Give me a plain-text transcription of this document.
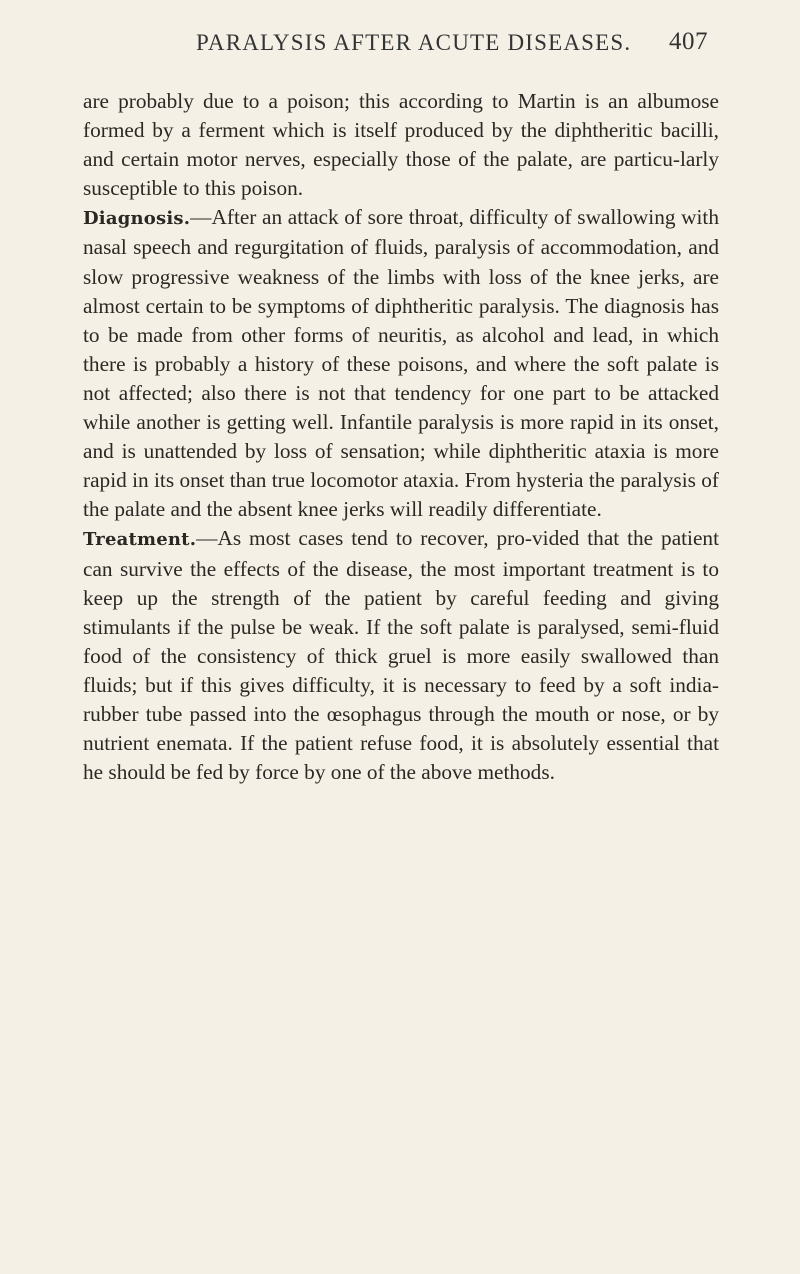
PARALYSIS AFTER ACUTE DISEASES. 407

are probably due to a poison; this according to Martin is an albumose formed by a ferment which is itself produced by the diphtheritic bacilli, and certain motor nerves, especially those of the palate, are particu-larly susceptible to this poison.

Diagnosis.—After an attack of sore throat, difficulty of swallowing with nasal speech and regurgitation of fluids, paralysis of accommodation, and slow progressive weakness of the limbs with loss of the knee jerks, are almost certain to be symptoms of diphtheritic paralysis. The diagnosis has to be made from other forms of neuritis, as alcohol and lead, in which there is probably a history of these poisons, and where the soft palate is not affected; also there is not that tendency for one part to be attacked while another is getting well. Infantile paralysis is more rapid in its onset, and is unattended by loss of sensation; while diphtheritic ataxia is more rapid in its onset than true locomotor ataxia. From hysteria the paralysis of the palate and the absent knee jerks will readily differentiate.

Treatment.—As most cases tend to recover, pro-vided that the patient can survive the effects of the disease, the most important treatment is to keep up the strength of the patient by careful feeding and giving stimulants if the pulse be weak. If the soft palate is paralysed, semi-fluid food of the consistency of thick gruel is more easily swallowed than fluids; but if this gives difficulty, it is necessary to feed by a soft india-rubber tube passed into the œsophagus through the mouth or nose, or by nutrient enemata. If the patient refuse food, it is absolutely essential that he should be fed by force by one of the above methods.
